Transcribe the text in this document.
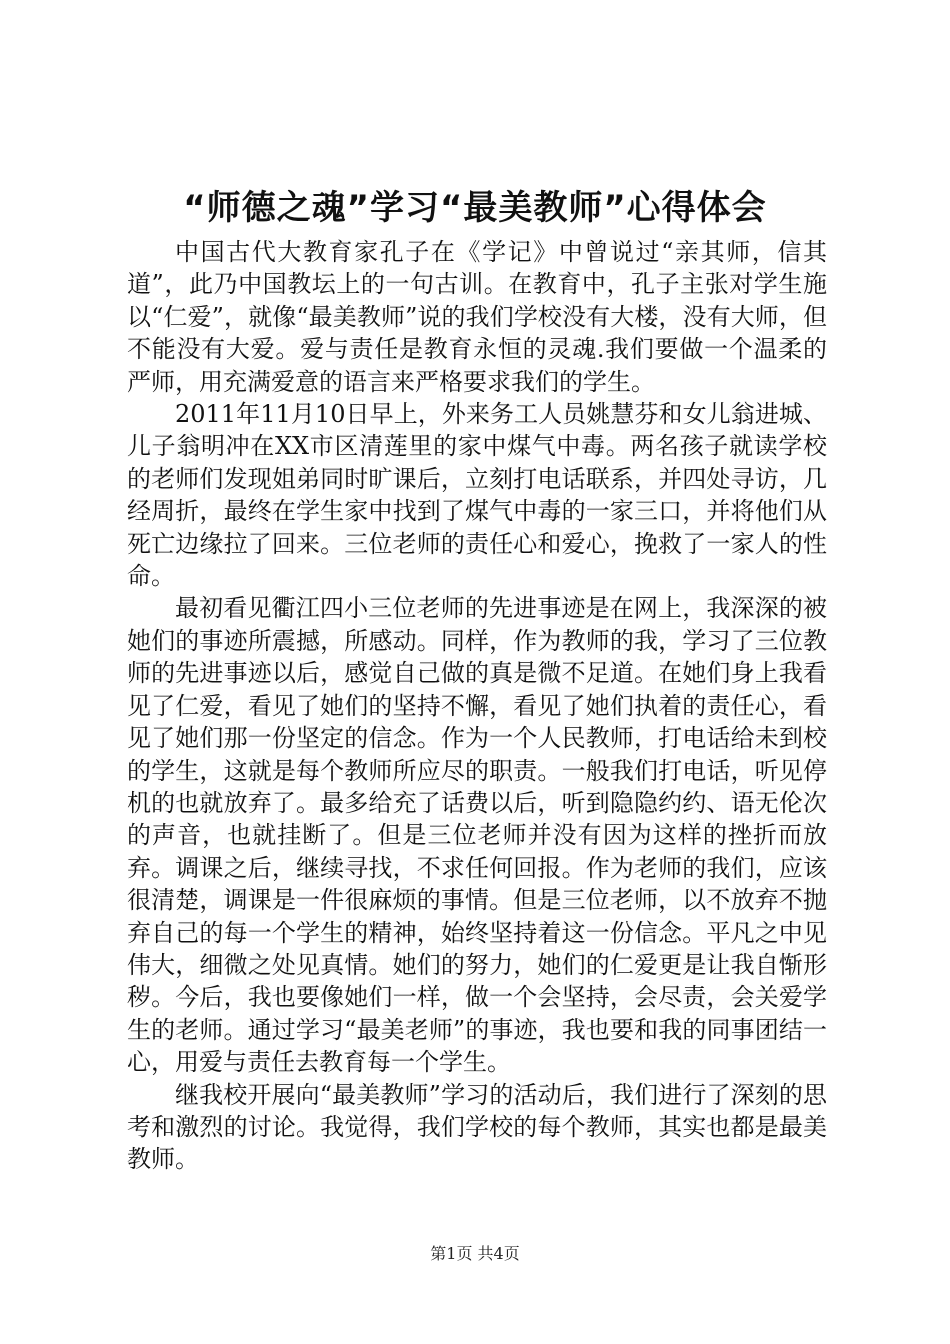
“师德之魂”学习“最美教师”心得体会

中国古代大教育家孔子在《学记》中曾说过“亲其师，信其道”，此乃中国教坛上的一句古训。在教育中，孔子主张对学生施以“仁爱”，就像“最美教师”说的我们学校没有大楼，没有大师，但不能没有大爱。爱与责任是教育永恒的灵魂.我们要做一个温柔的严师，用充满爱意的语言来严格要求我们的学生。

2011年11月10日早上，外来务工人员姚慧芬和女儿翁进城、儿子翁明冲在XX市区清莲里的家中煤气中毒。两名孩子就读学校的老师们发现姐弟同时旷课后，立刻打电话联系，并四处寻访，几经周折，最终在学生家中找到了煤气中毒的一家三口，并将他们从死亡边缘拉了回来。三位老师的责任心和爱心，挽救了一家人的性命。

最初看见衢江四小三位老师的先进事迹是在网上，我深深的被她们的事迹所震撼，所感动。同样，作为教师的我，学习了三位教师的先进事迹以后，感觉自己做的真是微不足道。在她们身上我看见了仁爱，看见了她们的坚持不懈，看见了她们执着的责任心，看见了她们那一份坚定的信念。作为一个人民教师，打电话给未到校的学生，这就是每个教师所应尽的职责。一般我们打电话，听见停机的也就放弃了。最多给充了话费以后，听到隐隐约约、语无伦次的声音，也就挂断了。但是三位老师并没有因为这样的挫折而放弃。调课之后，继续寻找，不求任何回报。作为老师的我们，应该很清楚，调课是一件很麻烦的事情。但是三位老师，以不放弃不抛弃自己的每一个学生的精神，始终坚持着这一份信念。平凡之中见伟大，细微之处见真情。她们的努力，她们的仁爱更是让我自惭形秽。今后，我也要像她们一样，做一个会坚持，会尽责，会关爱学生的老师。通过学习“最美老师”的事迹，我也要和我的同事团结一心，用爱与责任去教育每一个学生。

继我校开展向“最美教师”学习的活动后，我们进行了深刻的思考和激烈的讨论。我觉得，我们学校的每个教师，其实也都是最美教师。

第1页 共4页
